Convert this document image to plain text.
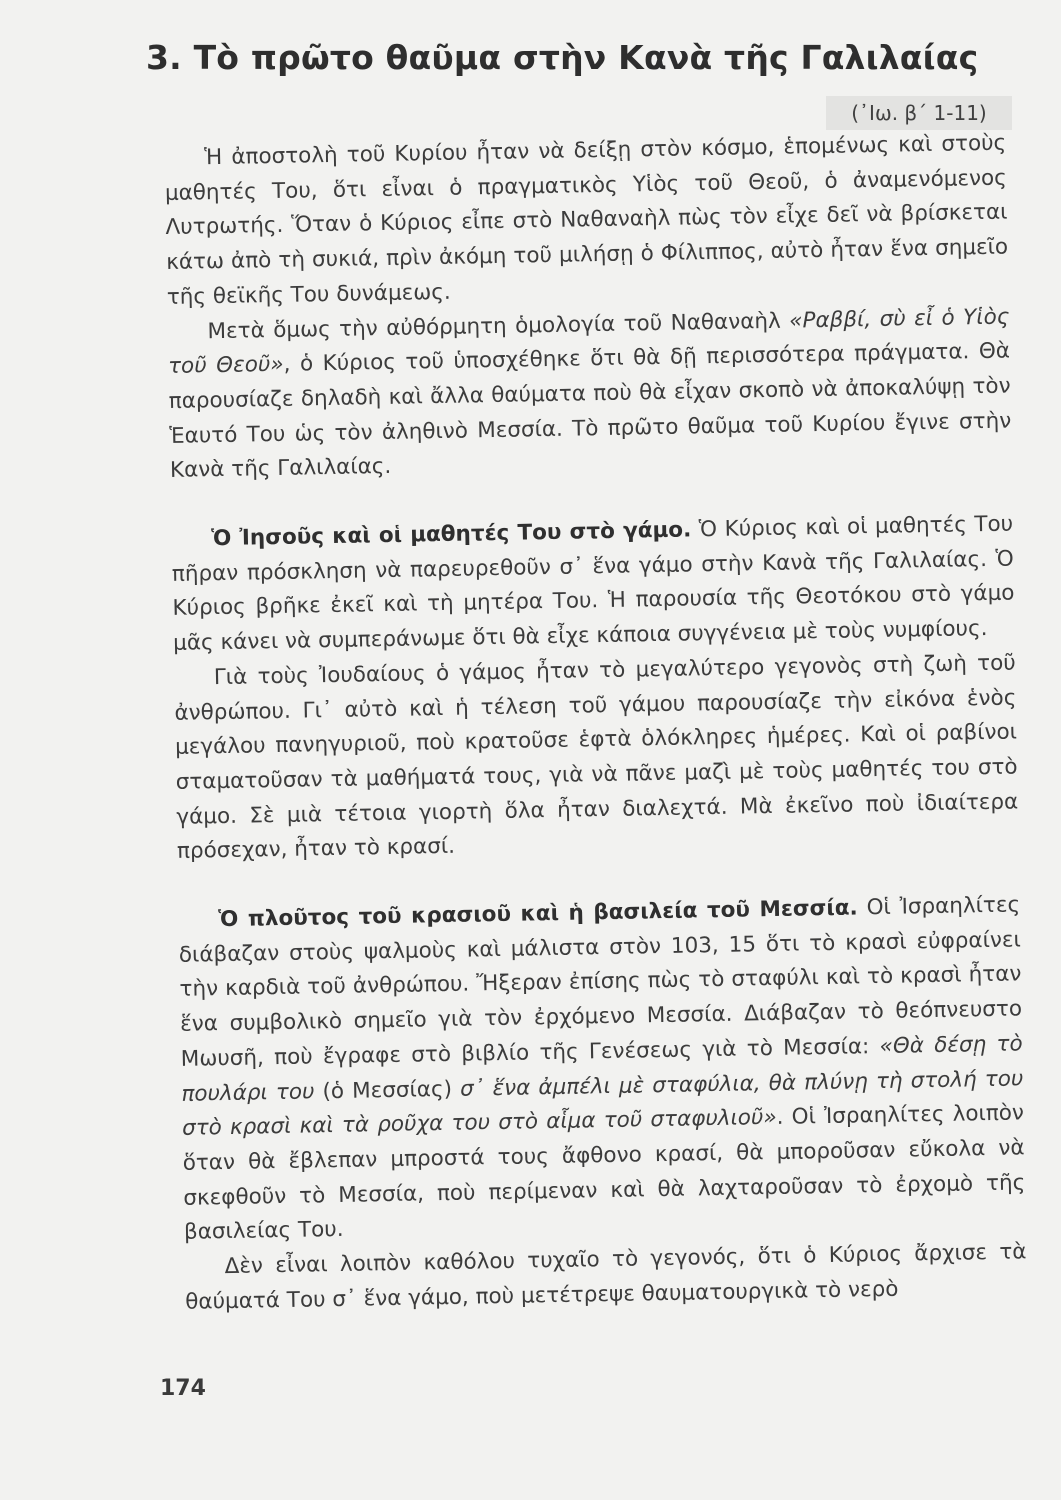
3. Τὸ πρῶτο θαῦμα στὴν Κανὰ τῆς Γαλιλαίας
(᾿Ιω. β΄ 1-11)

Ἡ ἀποστολὴ τοῦ Κυρίου ἦταν νὰ δείξῃ στὸν κόσμο, ἑπομένως καὶ στοὺς μαθητές Του, ὅτι εἶναι ὁ πραγματικὸς Υἱὸς τοῦ Θεοῦ, ὁ ἀναμενόμενος Λυτρωτής. Ὅταν ὁ Κύριος εἶπε στὸ Ναθαναὴλ πὼς τὸν εἶχε δεῖ νὰ βρίσκεται κάτω ἀπὸ τὴ συκιά, πρὶν ἀκόμη τοῦ μιλήσῃ ὁ Φίλιππος, αὐτὸ ἦταν ἕνα σημεῖο τῆς θεϊκῆς Του δυνάμεως.

Μετὰ ὅμως τὴν αὐθόρμητη ὁμολογία τοῦ Ναθαναὴλ «Ραββί, σὺ εἶ ὁ Υἱὸς τοῦ Θεοῦ», ὁ Κύριος τοῦ ὑποσχέθηκε ὅτι θὰ δῇ περισσότερα πράγματα. Θὰ παρουσίαζε δηλαδὴ καὶ ἄλλα θαύματα ποὺ θὰ εἶχαν σκοπὸ νὰ ἀποκαλύψῃ τὸν Ἑαυτό Του ὡς τὸν ἀληθινὸ Μεσσία. Τὸ πρῶτο θαῦμα τοῦ Κυρίου ἔγινε στὴν Κανὰ τῆς Γαλιλαίας.

Ὁ Ἰησοῦς καὶ οἱ μαθητές Του στὸ γάμο. Ὁ Κύριος καὶ οἱ μαθητές Του πῆραν πρόσκληση νὰ παρευρεθοῦν σ᾿ ἕνα γάμο στὴν Κανὰ τῆς Γαλιλαίας. Ὁ Κύριος βρῆκε ἐκεῖ καὶ τὴ μητέρα Του. Ἡ παρουσία τῆς Θεοτόκου στὸ γάμο μᾶς κάνει νὰ συμπεράνωμε ὅτι θὰ εἶχε κάποια συγγένεια μὲ τοὺς νυμφίους.

Γιὰ τοὺς Ἰουδαίους ὁ γάμος ἦταν τὸ μεγαλύτερο γεγονὸς στὴ ζωὴ τοῦ ἀνθρώπου. Γι᾿ αὐτὸ καὶ ἡ τέλεση τοῦ γάμου παρουσίαζε τὴν εἰκόνα ἑνὸς μεγάλου πανηγυριοῦ, ποὺ κρατοῦσε ἑφτὰ ὁλόκληρες ἡμέρες. Καὶ οἱ ραβίνοι σταματοῦσαν τὰ μαθήματά τους, γιὰ νὰ πᾶνε μαζὶ μὲ τοὺς μαθητές του στὸ γάμο. Σὲ μιὰ τέτοια γιορτὴ ὅλα ἦταν διαλεχτά. Μὰ ἐκεῖνο ποὺ ἰδιαίτερα πρόσεχαν, ἦταν τὸ κρασί.

Ὁ πλοῦτος τοῦ κρασιοῦ καὶ ἡ βασιλεία τοῦ Μεσσία. Οἱ Ἰσραηλίτες διάβαζαν στοὺς ψαλμοὺς καὶ μάλιστα στὸν 103, 15 ὅτι τὸ κρασὶ εὐφραίνει τὴν καρδιὰ τοῦ ἀνθρώπου. Ἤξεραν ἐπίσης πὼς τὸ σταφύλι καὶ τὸ κρασὶ ἦταν ἕνα συμβολικὸ σημεῖο γιὰ τὸν ἐρχόμενο Μεσσία. Διάβαζαν τὸ θεόπνευστο Μωυσῆ, ποὺ ἔγραφε στὸ βιβλίο τῆς Γενέσεως γιὰ τὸ Μεσσία: «Θὰ δέσῃ τὸ πουλάρι του (ὁ Μεσσίας) σ᾿ ἕνα ἀμπέλι μὲ σταφύλια, θὰ πλύνῃ τὴ στολή του στὸ κρασὶ καὶ τὰ ροῦχα του στὸ αἷμα τοῦ σταφυλιοῦ». Οἱ Ἰσραηλίτες λοιπὸν ὅταν θὰ ἔβλεπαν μπροστά τους ἄφθονο κρασί, θὰ μποροῦσαν εὔκολα νὰ σκεφθοῦν τὸ Μεσσία, ποὺ περίμεναν καὶ θὰ λαχταροῦσαν τὸ ἐρχομὸ τῆς βασιλείας Του.

Δὲν εἶναι λοιπὸν καθόλου τυχαῖο τὸ γεγονός, ὅτι ὁ Κύριος ἄρχισε τὰ θαύματά Του σ᾿ ἕνα γάμο, ποὺ μετέτρεψε θαυματουργικὰ τὸ νερὸ

174
